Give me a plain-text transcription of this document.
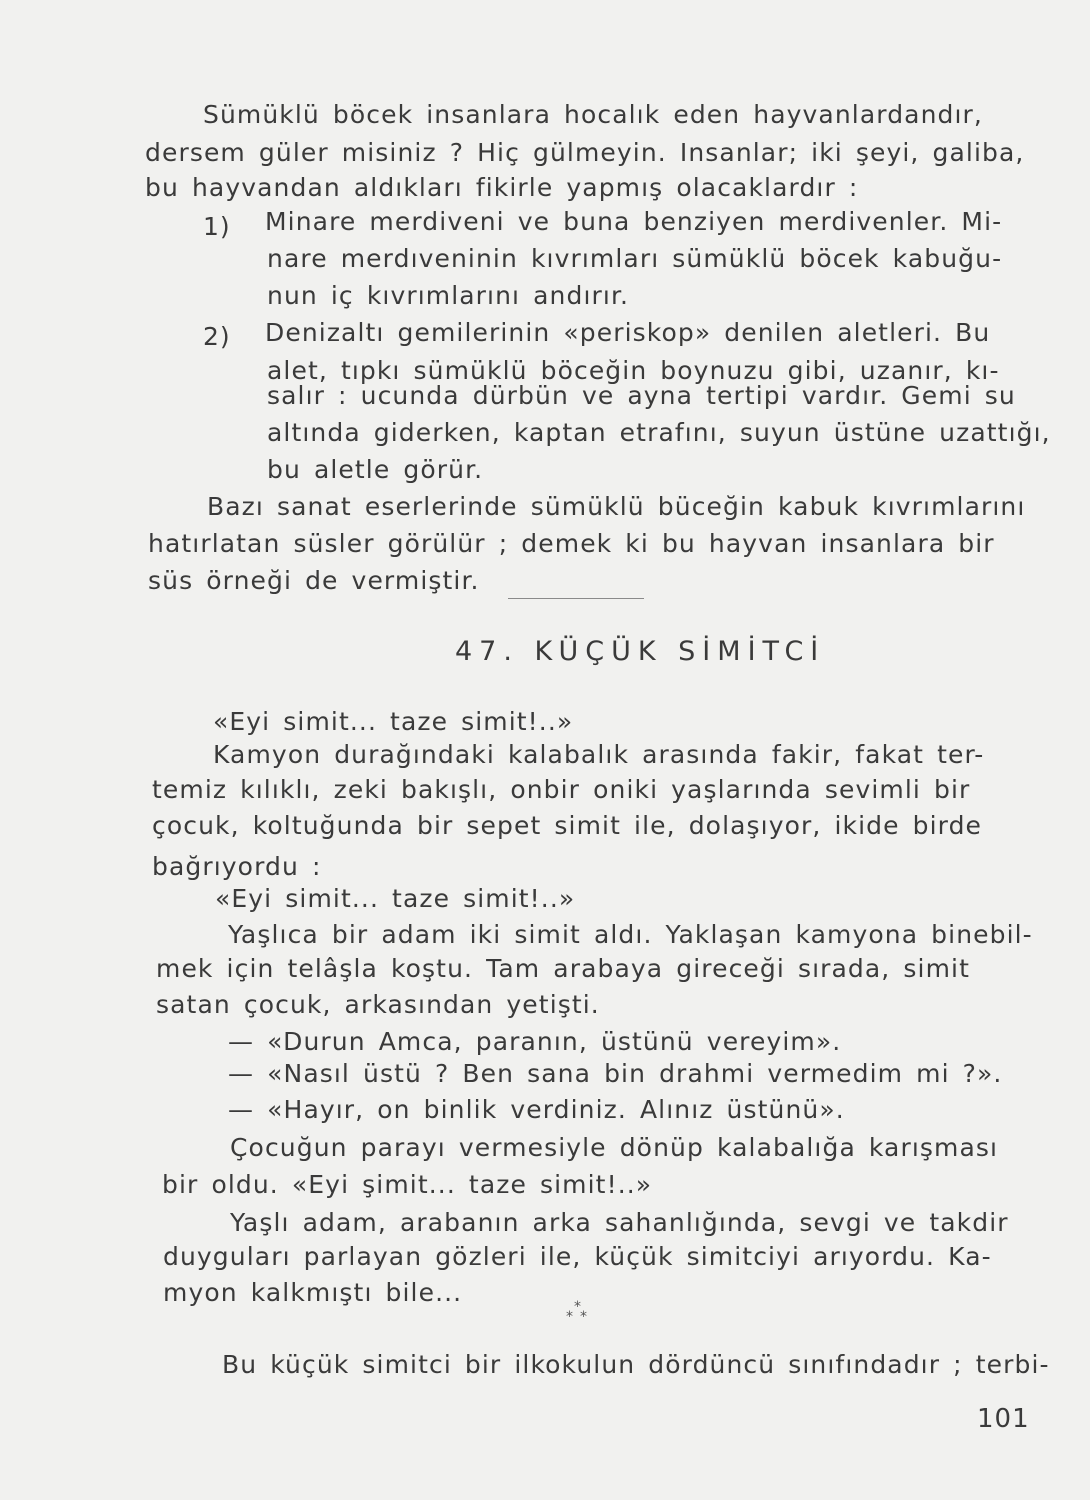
Sümüklü böcek insanlara hocalık eden hayvanlardandır,
dersem güler misiniz ? Hiç gülmeyin. Insanlar; iki şeyi, galiba,
bu hayvandan aldıkları fikirle yapmış olacaklardır :
1) Minare merdiveni ve buna benziyen merdivenler. Mi-
nare merdıveninin kıvrımları sümüklü böcek kabuğu-
nun iç kıvrımlarını andırır.
2) Denizaltı gemilerinin «periskop» denilen aletleri. Bu
alet, tıpkı sümüklü böceğin boynuzu gibi, uzanır, kı-
salır : ucunda dürbün ve ayna tertipi vardır. Gemi su
altında giderken, kaptan etrafını, suyun üstüne uzattığı,
bu aletle görür.
Bazı sanat eserlerinde sümüklü büceğin kabuk kıvrımlarını
hatırlatan süsler görülür ; demek ki bu hayvan insanlara bir
süs örneği de vermiştir.
47. KÜÇÜK SİMİTCİ
«Eyi simit... taze simit!..»
Kamyon durağındaki kalabalık arasında fakir, fakat ter-
temiz kılıklı, zeki bakışlı, onbir oniki yaşlarında sevimli bir
çocuk, koltuğunda bir sepet simit ile, dolaşıyor, ikide birde
bağrıyordu :
«Eyi simit... taze simit!..»
Yaşlıca bir adam iki simit aldı. Yaklaşan kamyona binebil-
mek için telâşla koştu. Tam arabaya gireceği sırada, simit
satan çocuk, arkasından yetişti.
— «Durun Amca, paranın, üstünü vereyim».
— «Nasıl üstü ? Ben sana bin drahmi vermedim mi ?».
— «Hayır, on binlik verdiniz. Alınız üstünü».
Çocuğun parayı vermesiyle dönüp kalabalığa karışması
bir oldu. «Eyi şimit... taze simit!..»
Yaşlı adam, arabanın arka sahanlığında, sevgi ve takdir
duyguları parlayan gözleri ile, küçük simitciyi arıyordu. Ka-
myon kalkmıştı bile...	*
* *
Bu küçük simitci bir ilkokulun dördüncü sınıfındadır ; terbi-
101
